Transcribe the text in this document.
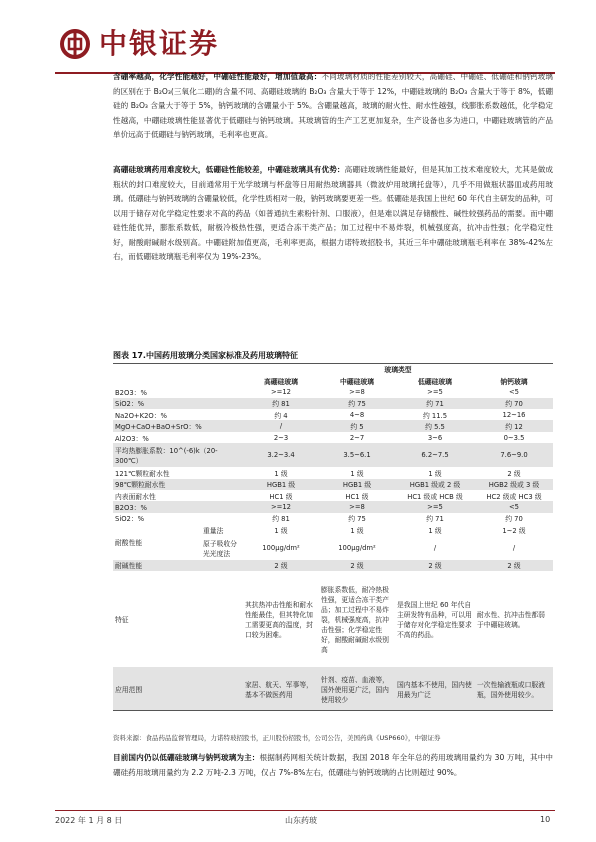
中银证券
含硼率越高，化学性能越好，中硼硅性能最好，增加值最高：不同玻璃材质的性能差别较大，高硼硅、中硼硅、低硼硅和钠钙玻璃的区别在于 B₂O₃(三氧化二硼)的含量不同、高硼硅玻璃的 B₂O₃ 含量大于等于 12%，中硼硅玻璃的 B₂O₃ 含量大于等于 8%，低硼硅的 B₂O₃ 含量大于等于 5%，钠钙玻璃的含硼量小于 5%。含硼量越高，玻璃的耐火性、耐水性越强，线膨胀系数越低，化学稳定性越高，中硼硅玻璃性能显著优于低硼硅与钠钙玻璃。其玻璃管的生产工艺更加复杂，生产设备也多为进口，中硼硅玻璃管的产品单价远高于低硼硅与钠钙玻璃，毛利率也更高。
高硼硅玻璃药用难度较大，低硼硅性能较差，中硼硅玻璃具有优势：高硼硅玻璃性能最好，但是其加工技术难度较大，尤其是做成瓶状的封口难度较大，目前通常用于光学玻璃与杯盘等日用耐热玻璃器具（微波炉用玻璃托盘等），几乎不用做瓶状器皿或药用玻璃。低硼硅与钠钙玻璃的含硼量较低，化学性质相对一般，钠钙玻璃要更差一些。低硼硅是我国上世纪 60 年代自主研发的品种，可以用于储存对化学稳定性要求不高的药品（如普通抗生素粉针剂、口服液），但是难以满足存储酸性、碱性较强药品的需要。而中硼硅性能优异，膨胀系数低，耐极冷极热性强，更适合冻干类产品；加工过程中不易炸裂，机械强度高，抗冲击性强；化学稳定性好，耐酸耐碱耐水级别高。中硼硅附加值更高，毛利率更高，根据力诺特玻招股书，其近三年中硼硅玻璃瓶毛利率在 38%-42%左右，而低硼硅玻璃瓶毛利率仅为 19%-23%。
图表 17.中国药用玻璃分类国家标准及药用玻璃特征
		玻璃类型			
		高硼硅玻璃	中硼硅玻璃	低硼硅玻璃	钠钙玻璃
B2O3：%		>=12	>=8	>=5	<5
SiO2：%		约 81	约 75	约 71	约 70
Na2O+K2O：%		约 4	4~8	约 11.5	12~16
MgO+CaO+BaO+SrO：%		/	约 5	约 5.5	约 12
Al2O3：%		2~3	2~7	3~6	0~3.5
平均热膨胀系数：10^(-6)k（20-300℃）		3.2~3.4	3.5~6.1	6.2~7.5	7.6~9.0
121℃颗粒耐水性		1 级	1 级	1 级	2 级
98℃颗粒耐水性		HGB1 级	HGB1 级	HGB1 级或 2 级	HGB2 级或 3 级
内表面耐水性		HC1 级	HC1 级	HC1 级或 HCB 级	HC2 级或 HC3 级
B2O3：%		>=12	>=8	>=5	<5
SiO2：%		约 81	约 75	约 71	约 70
耐酸性能	重量法	1 级	1 级	1 级	1~2 级
	原子吸收分光光度法	100μg/dm²	100μg/dm²	/	/
耐碱性能		2 级	2 级	2 级	2 级
特征		其抗热冲击性能和耐水性能最佳，但其特化加工需要更高的温度，封口较为困难。	膨胀系数低，耐冷热极性强，更适合冻干类产品；加工过程中不易炸裂，机械强度高，抗冲击性强；化学稳定性好，耐酸耐碱耐水级别高	是我国上世纪 60 年代自主研发特有品种，可以用于储存对化学稳定性要求不高的药品。	耐水性、抗冲击性都弱于中硼硅玻璃。
应用范围		家居、航天、军事等，基本不做医药用	针剂、疫苗、血液等，国外使用更广泛，国内使用较少	国内基本不使用，国内使用最为广泛	一次性输液瓶或口服液瓶，国外使用较少。
资料来源：食品药品监督管理局，力诺特玻招股书，正川股份招股书，公司公告，美国药典《USP660》，中银证券
目前国内仍以低硼硅玻璃与钠钙玻璃为主：根据制药网相关统计数据，我国 2018 年全年总的药用玻璃用量约为 30 万吨，其中中硼硅药用玻璃用量约为 2.2 万吨-2.3 万吨，仅占 7%-8%左右，低硼硅与钠钙玻璃的占比则超过 90%。
2022 年 1 月 8 日	山东药玻	10
